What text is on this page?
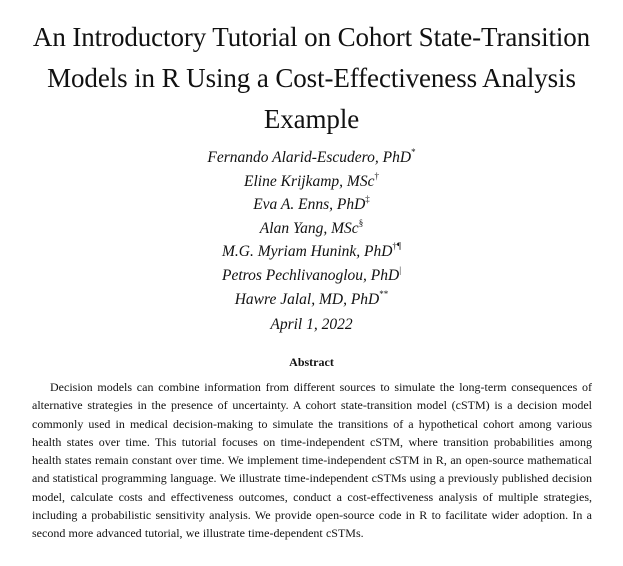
An Introductory Tutorial on Cohort State-Transition Models in R Using a Cost-Effectiveness Analysis Example
Fernando Alarid-Escudero, PhD*
Eline Krijkamp, MSc†
Eva A. Enns, PhD‡
Alan Yang, MSc§
M.G. Myriam Hunink, PhD†¶
Petros Pechlivanoglou, PhD|
Hawre Jalal, MD, PhD**
April 1, 2022
Abstract
Decision models can combine information from different sources to simulate the long-term consequences of alternative strategies in the presence of uncertainty. A cohort state-transition model (cSTM) is a decision model commonly used in medical decision-making to simulate the transitions of a hypothetical cohort among various health states over time. This tutorial focuses on time-independent cSTM, where transition probabilities among health states remain constant over time. We implement time-independent cSTM in R, an open-source mathematical and statistical programming language. We illustrate time-independent cSTMs using a previously published decision model, calculate costs and effectiveness outcomes, conduct a cost-effectiveness analysis of multiple strategies, including a probabilistic sensitivity analysis. We provide open-source code in R to facilitate wider adoption. In a second more advanced tutorial, we illustrate time-dependent cSTMs.
